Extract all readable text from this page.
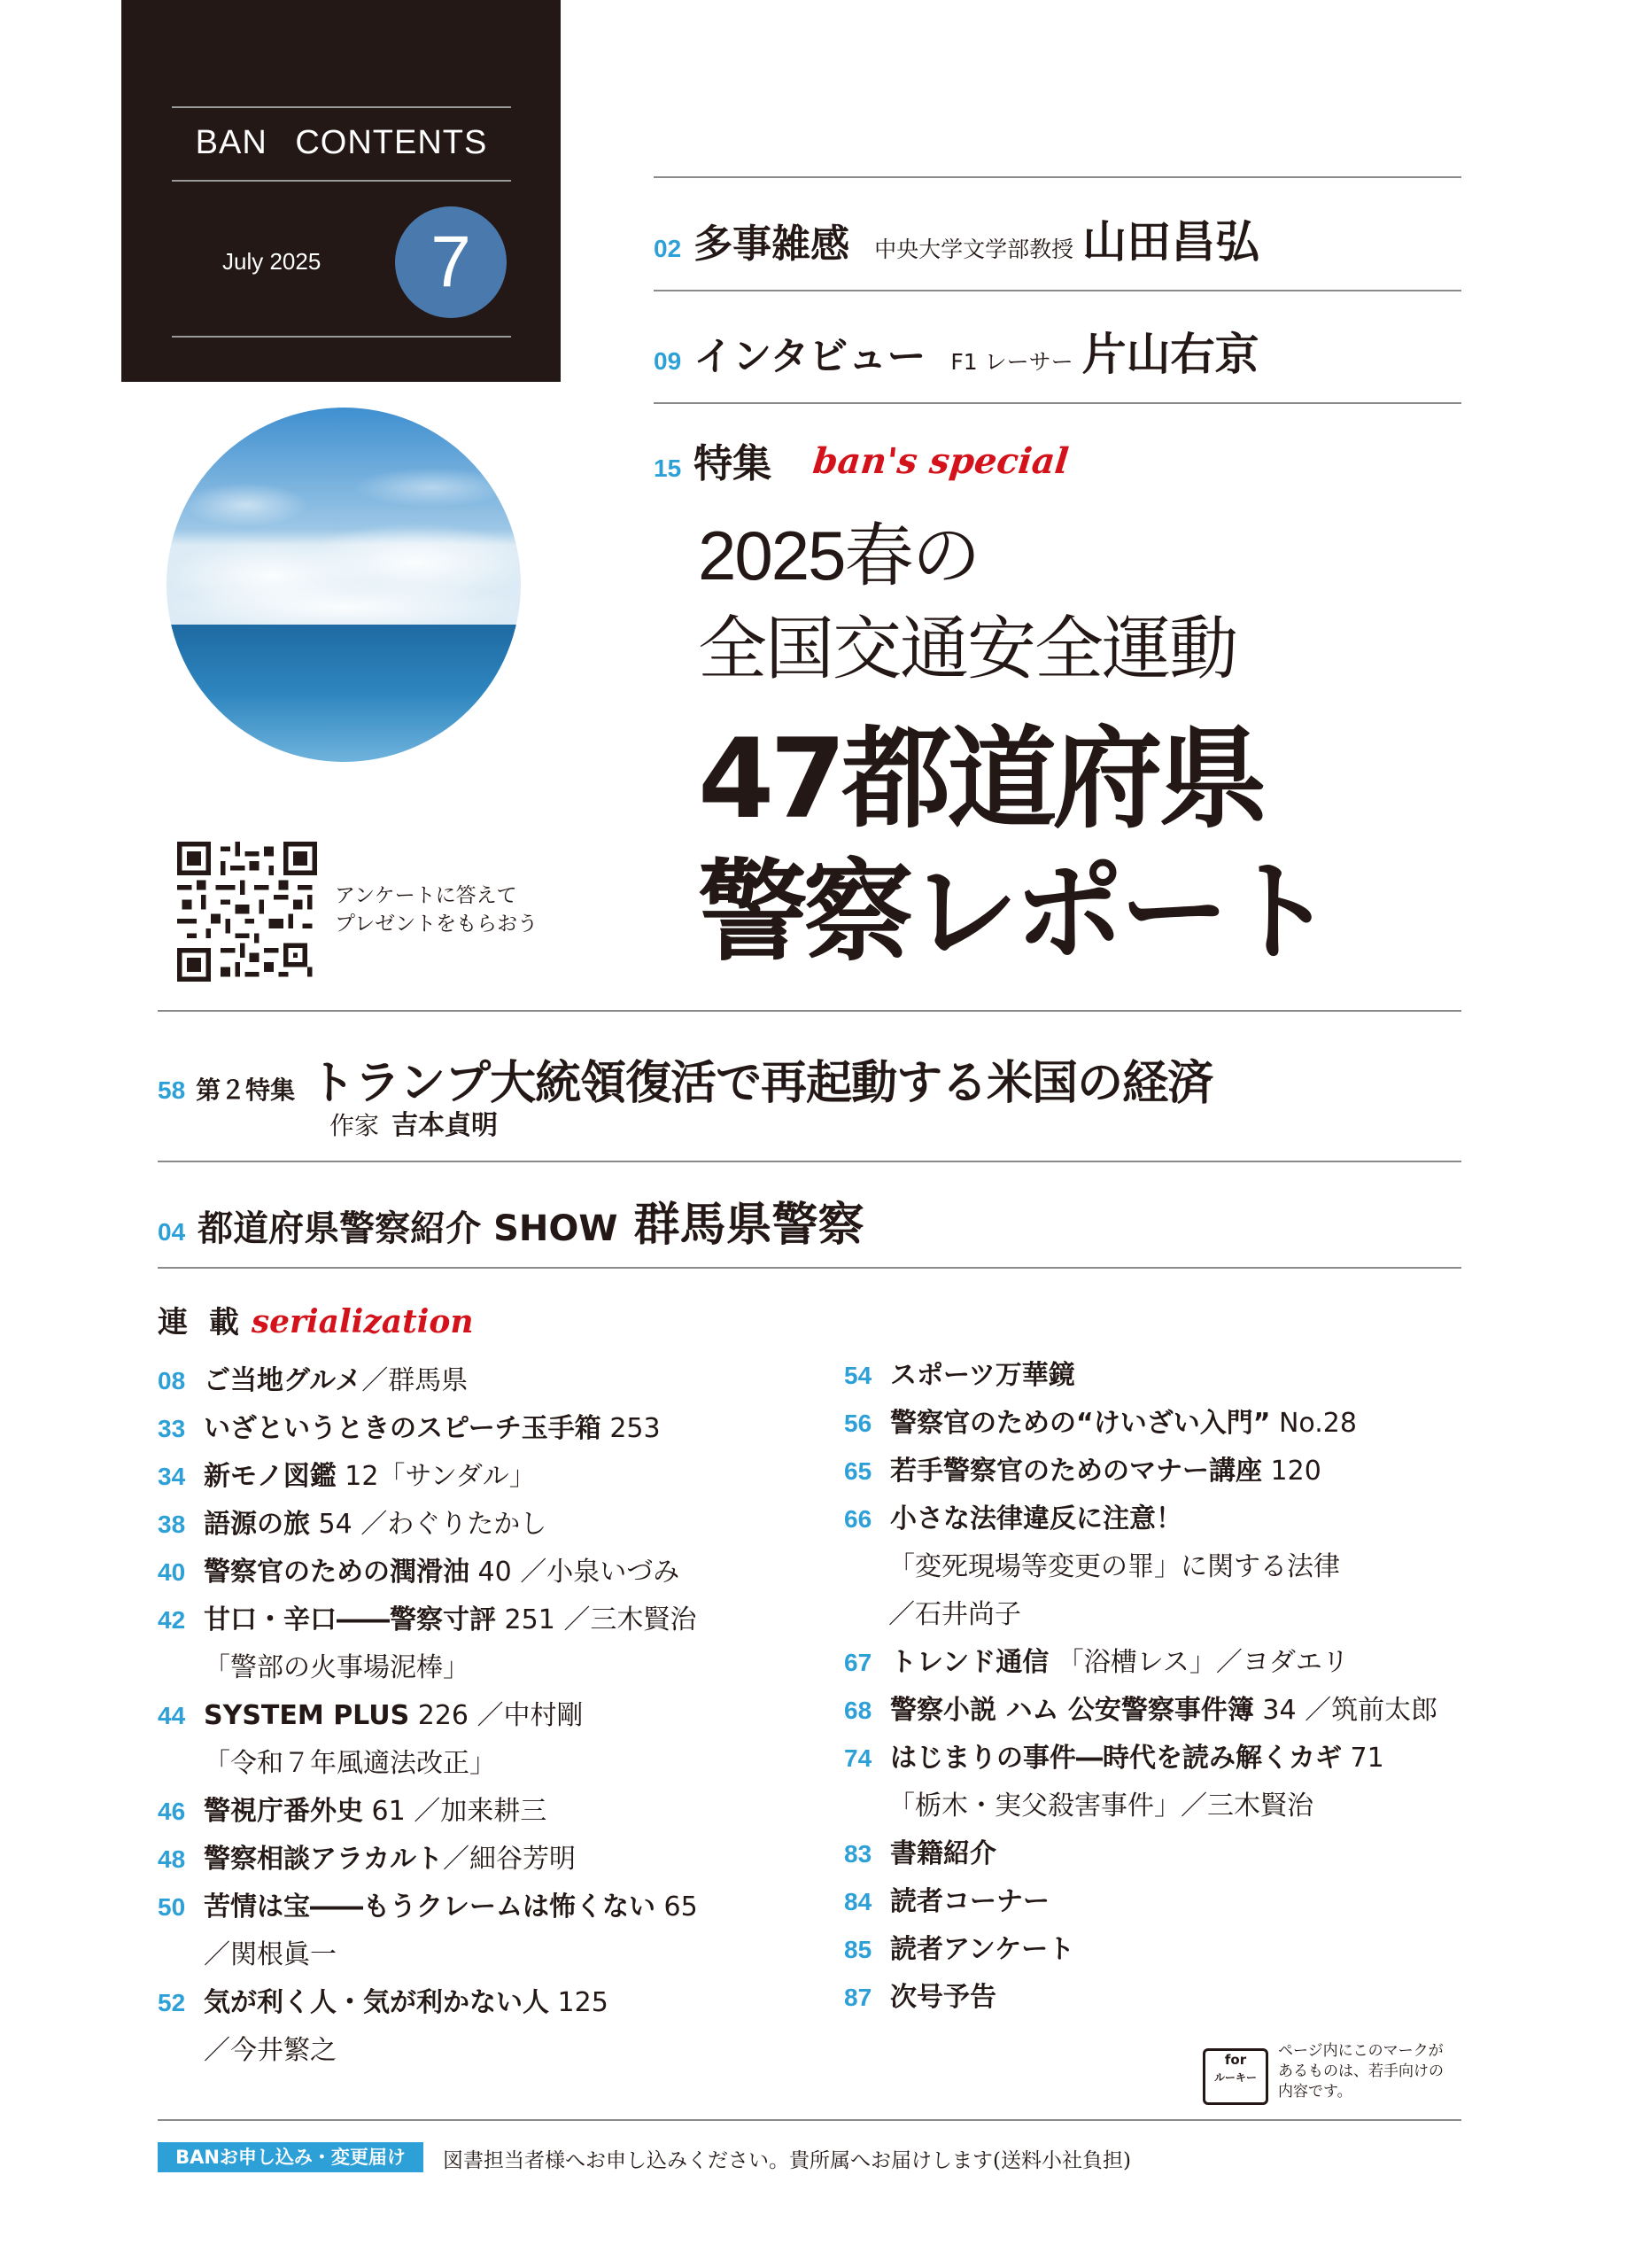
BAN CONTENTS
July 2025	7
アンケートに答えて
プレゼントをもらおう
02 多事雑感 中央大学文学部教授 山田昌弘
09 インタビュー F1 レーサー 片山右京
15 特集 ban's special
2025春の
全国交通安全運動
47都道府県
警察レポート
58 第２特集 トランプ大統領復活で再起動する米国の経済
作家 吉本貞明
04 都道府県警察紹介 SHOW 群馬県警察
連 載 serialization
08 ご当地グルメ／群馬県
33 いざというときのスピーチ玉手箱 253
34 新モノ図鑑 12「サンダル」
38 語源の旅 54 ／わぐりたかし
40 警察官のための潤滑油 40 ／小泉いづみ
42 甘口・辛口――警察寸評 251 ／三木賢治
「警部の火事場泥棒」
44 SYSTEM PLUS 226 ／中村剛
「令和７年風適法改正」
46 警視庁番外史 61 ／加来耕三
48 警察相談アラカルト／細谷芳明
50 苦情は宝――もうクレームは怖くない 65
／関根眞一
52 気が利く人・気が利かない人 125
／今井繁之
54 スポーツ万華鏡
56 警察官のための“けいざい入門” No.28
65 若手警察官のためのマナー講座 120
66 小さな法律違反に注意！
「変死現場等変更の罪」に関する法律
／石井尚子
67 トレンド通信 「浴槽レス」／ヨダエリ
68 警察小説 ハム 公安警察事件簿 34 ／筑前太郎
74 はじまりの事件―時代を読み解くカギ 71
「栃木・実父殺害事件」／三木賢治
83 書籍紹介
84 読者コーナー
85 読者アンケート
87 次号予告
for
ルーキー
ページ内にこのマークが
あるものは、若手向けの
内容です。
BANお申し込み・変更届け	図書担当者様へお申し込みください。貴所属へお届けします(送料小社負担)
